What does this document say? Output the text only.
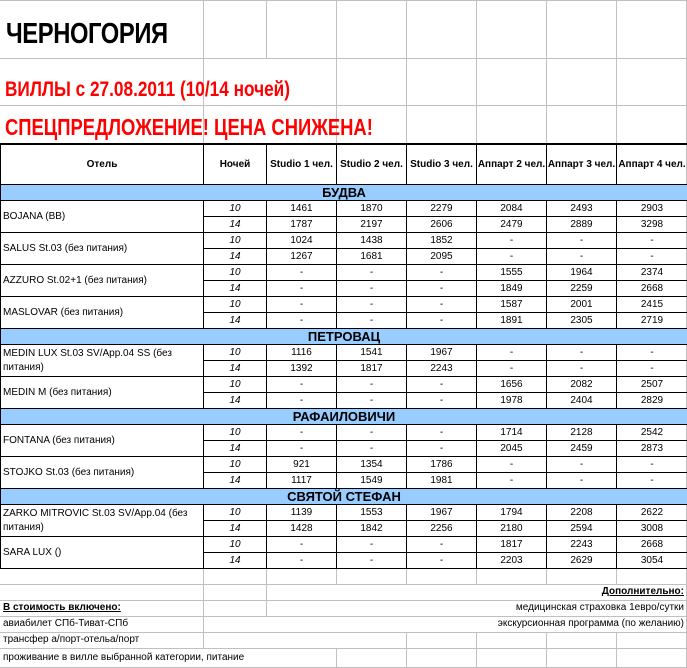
ЧЕРНОГОРИЯ
ВИЛЛЫ с 27.08.2011 (10/14 ночей)
СПЕЦПРЕДЛОЖЕНИЕ! ЦЕНА СНИЖЕНА!
Отель	Ночей	Studio 1 чел.	Studio 2 чел.	Studio 3 чел.	Аппарт 2 чел.	Аппарт 3 чел.	Аппарт 4 чел.
БУДВА							
BOJANA (BB)	10	1461	1870	2279	2084	2493	2903
	14	1787	2197	2606	2479	2889	3298
SALUS St.03 (без питания)	10	1024	1438	1852	-	-	-
	14	1267	1681	2095	-	-	-
AZZURO St.02+1 (без питания)	10	-	-	-	1555	1964	2374
	14	-	-	-	1849	2259	2668
MASLOVAR (без питания)	10	-	-	-	1587	2001	2415
	14	-	-	-	1891	2305	2719
ПЕТРОВАЦ							
MEDIN LUX St.03 SV/App.04 SS (без питания)	10	1116	1541	1967	-	-	-
	14	1392	1817	2243	-	-	-
MEDIN M (без питания)	10	-	-	-	1656	2082	2507
	14	-	-	-	1978	2404	2829
РАФАИЛОВИЧИ							
FONTANA (без питания)	10	-	-	-	1714	2128	2542
	14	-	-	-	2045	2459	2873
STOJKO St.03 (без питания)	10	921	1354	1786	-	-	-
	14	1117	1549	1981	-	-	-
СВЯТОЙ СТЕФАН							
ZARKO MITROVIC St.03 SV/App.04 (без питания)	10	1139	1553	1967	1794	2208	2622
	14	1428	1842	2256	2180	2594	3008
SARA LUX ()	10	-	-	-	1817	2243	2668
	14	-	-	-	2203	2629	3054
В стоимость включено:
авиабилет СПб-Тиват-СПб
трансфер а/порт-отельа/порт
проживание в вилле выбранной категории, питание
Дополнительно:
медицинская страховка 1евро/сутки
экскурсионная программа (по желанию)
